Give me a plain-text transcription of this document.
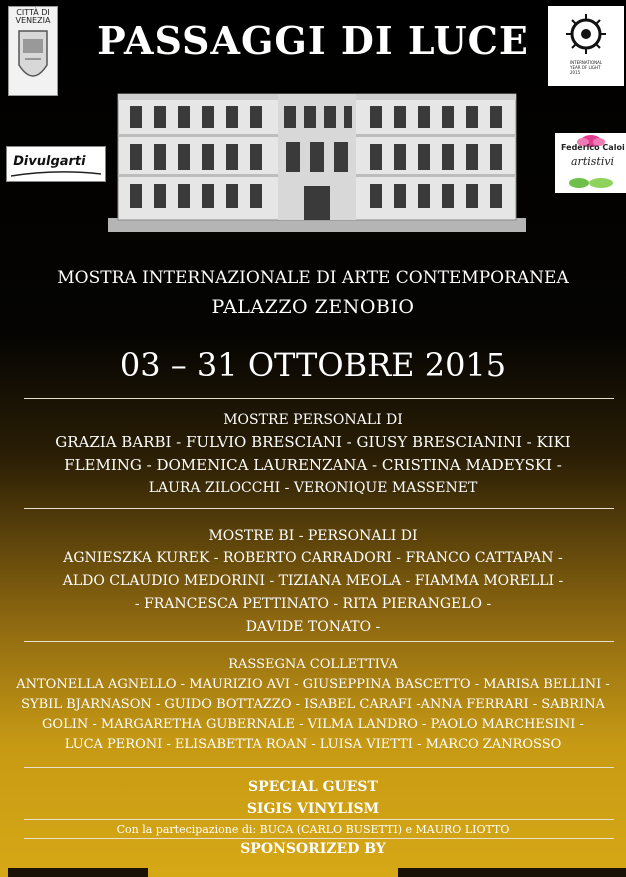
CITTÀ DI VENEZIA
INTERNATIONAL YEAR OF LIGHT 2015
Divulgarti
Federico Caloi
artistivi
PASSAGGI DI LUCE
MOSTRA INTERNAZIONALE DI ARTE CONTEMPORANEA
PALAZZO ZENOBIO
03 – 31 OTTOBRE 2015
MOSTRE PERSONALI DI
GRAZIA BARBI - FULVIO BRESCIANI - GIUSY BRESCIANINI - KIKI
FLEMING - DOMENICA LAURENZANA - CRISTINA MADEYSKI -
LAURA ZILOCCHI - VERONIQUE MASSENET
MOSTRE BI - PERSONALI DI
AGNIESZKA KUREK - ROBERTO CARRADORI - FRANCO CATTAPAN -
ALDO CLAUDIO MEDORINI - TIZIANA MEOLA - FIAMMA MORELLI -
- FRANCESCA PETTINATO - RITA PIERANGELO -
DAVIDE TONATO -
RASSEGNA COLLETTIVA
ANTONELLA AGNELLO - MAURIZIO AVI - GIUSEPPINA BASCETTO - MARISA BELLINI -
SYBIL BJARNASON - GUIDO BOTTAZZO - ISABEL CARAFI -ANNA FERRARI - SABRINA
GOLIN - MARGARETHA GUBERNALE - VILMA LANDRO - PAOLO MARCHESINI -
LUCA PERONI - ELISABETTA ROAN - LUISA VIETTI - MARCO ZANROSSO
SPECIAL GUEST
SIGIS VINYLISM
Con la partecipazione di: BUCA (CARLO BUSETTI) e MAURO LIOTTO
SPONSORIZED BY
